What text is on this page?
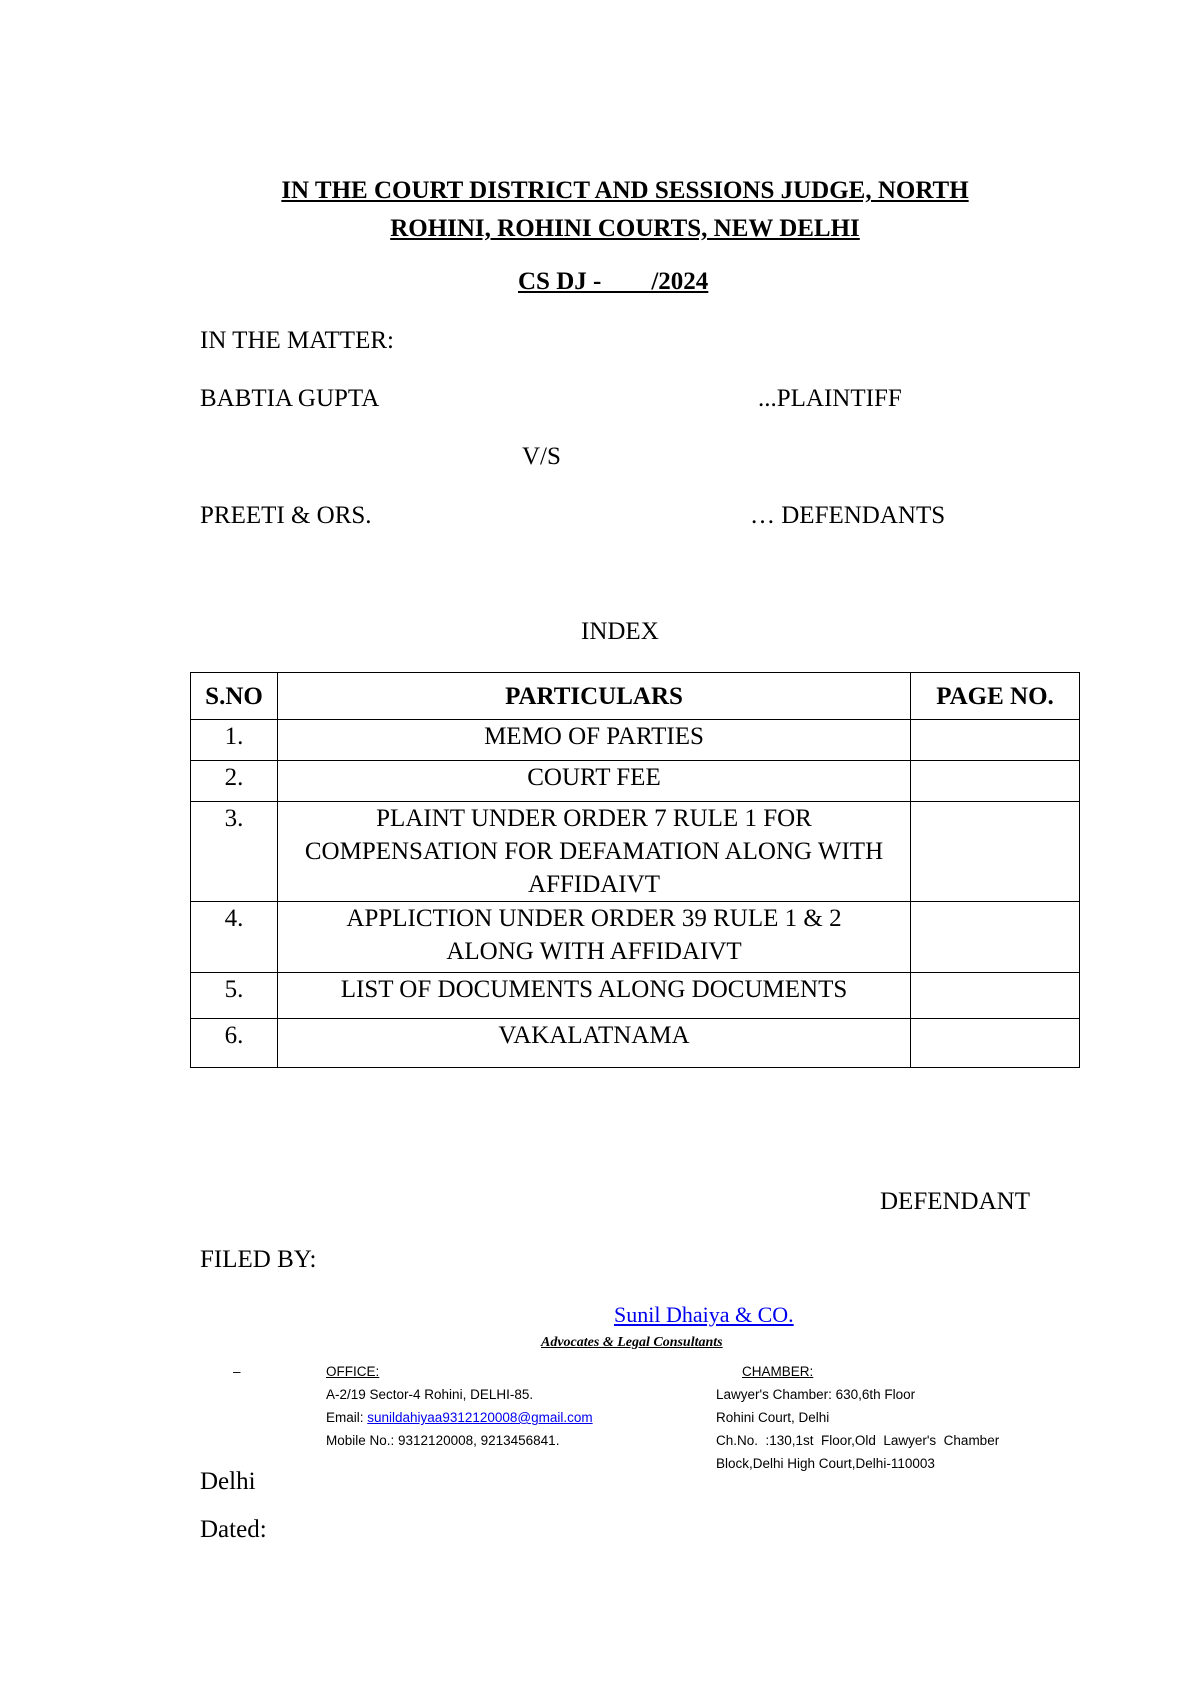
IN THE COURT DISTRICT AND SESSIONS JUDGE, NORTH
ROHINI, ROHINI COURTS, NEW DELHI
CS DJ -        /2024
IN THE MATTER:
BABTIA GUPTA	...PLAINTIFF
V/S
PREETI & ORS.	… DEFENDANTS
INDEX
S.NO	PARTICULARS	PAGE NO.
1.	MEMO OF PARTIES	
2.	COURT FEE	
3.	PLAINT UNDER ORDER 7 RULE 1 FOR COMPENSATION FOR DEFAMATION ALONG WITH AFFIDAIVT	
4.	APPLICTION UNDER ORDER 39 RULE 1 & 2 ALONG WITH AFFIDAIVT	
5.	LIST OF DOCUMENTS ALONG DOCUMENTS	
6.	VAKALATNAMA	
DEFENDANT
FILED BY:
Sunil Dhaiya & CO.
Advocates & Legal Consultants
–	OFFICE:
A-2/19 Sector-4 Rohini, DELHI-85.
Email: sunildahiyaa9312120008@gmail.com
Mobile No.: 9312120008, 9213456841.
CHAMBER:
Lawyer's Chamber: 630,6th Floor
Rohini Court, Delhi
Ch.No.  :130,1st  Floor,Old  Lawyer's  Chamber
Block,Delhi High Court,Delhi-110003
Delhi
Dated:
